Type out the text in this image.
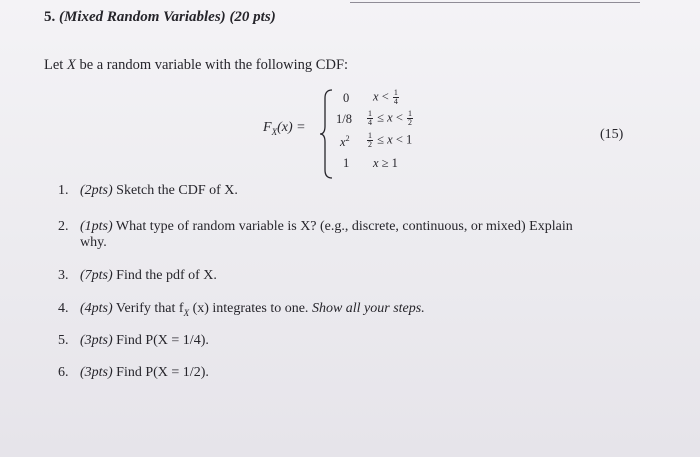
5. (Mixed Random Variables) (20 pts)
Let X be a random variable with the following CDF:
$F_X(x)$ =
0 $x < \frac{1}{4}$
$1/8 \frac{1}{4} \le x < \frac{1}{2}$
$x^2 \frac{1}{2} \le x < 1$
1 x ≥ 1
(15)
1. (2pts) Sketch the CDF of X.
2. (1pts) What type of random variable is X? (e.g., discrete, continuous, or mixed) Explain
why.
3. (7pts) Find the pdf of X.
4. (4pts) Verify that $f_X$ (x) integrates to one. Show all your steps.
5. (3pts) Find P(X = 1/4).
6. (3pts) Find P(X = 1/2).
